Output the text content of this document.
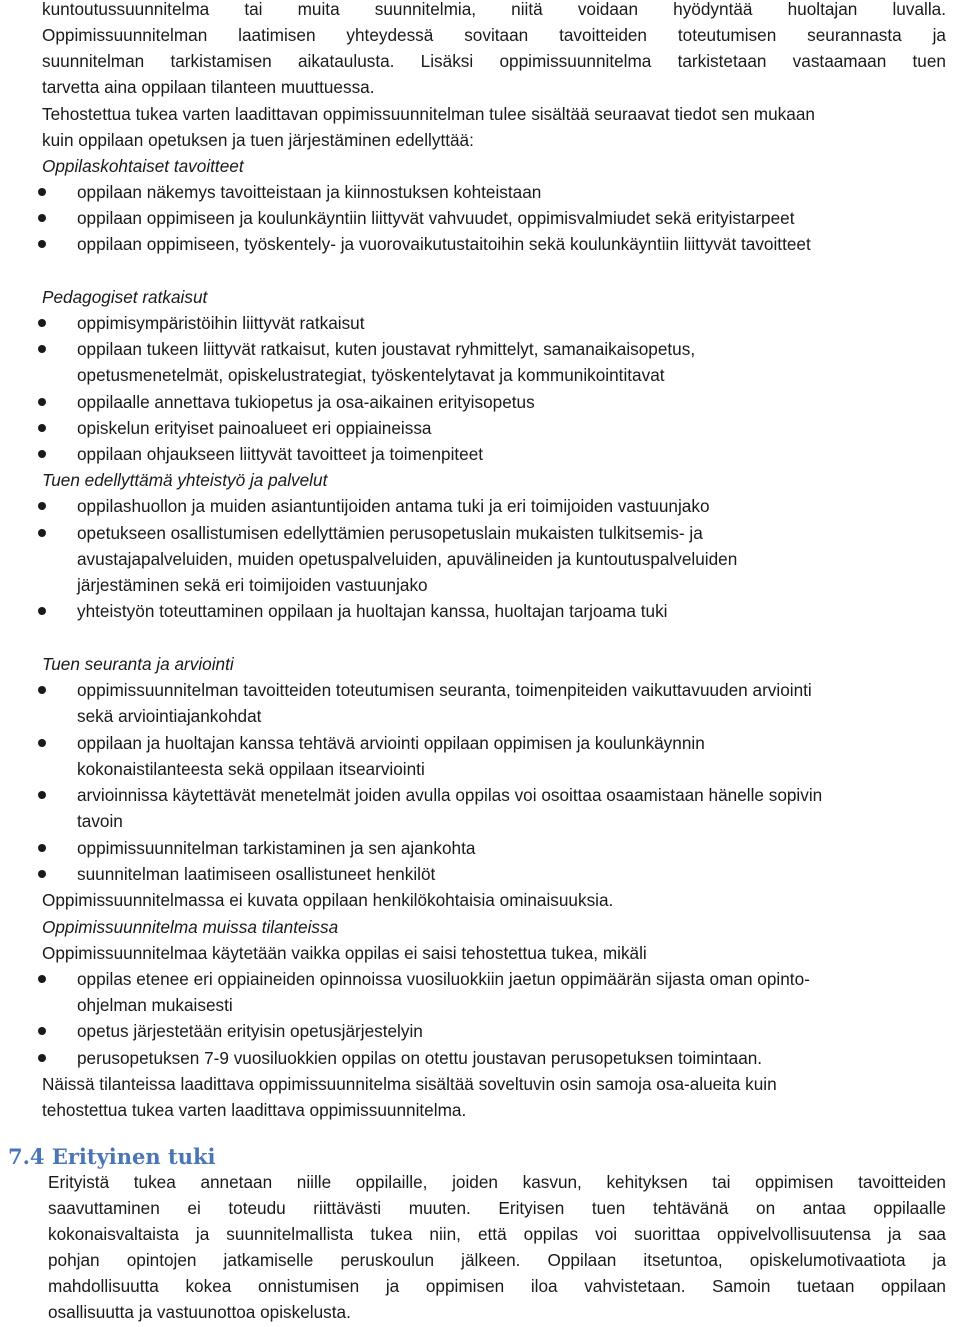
kuntoutussuunnitelma tai muita suunnitelmia, niitä voidaan hyödyntää huoltajan luvalla.
Oppimissuunnitelman laatimisen yhteydessä sovitaan tavoitteiden toteutumisen seurannasta ja
suunnitelman tarkistamisen aikataulusta. Lisäksi oppimissuunnitelma tarkistetaan vastaamaan tuen
tarvetta aina oppilaan tilanteen muuttuessa.
Tehostettua tukea varten laadittavan oppimissuunnitelman tulee sisältää seuraavat tiedot sen mukaan
kuin oppilaan opetuksen ja tuen järjestäminen edellyttää:
Oppilaskohtaiset tavoitteet
oppilaan näkemys tavoitteistaan ja kiinnostuksen kohteistaan
oppilaan oppimiseen ja koulunkäyntiin liittyvät vahvuudet, oppimisvalmiudet sekä erityistarpeet
oppilaan oppimiseen, työskentely- ja vuorovaikutustaitoihin sekä koulunkäyntiin liittyvät tavoitteet
Pedagogiset ratkaisut
oppimisympäristöihin liittyvät ratkaisut
oppilaan tukeen liittyvät ratkaisut, kuten joustavat ryhmittelyt, samanaikaisopetus,
opetusmenetelmät, opiskelustrategiat, työskentelytavat ja kommunikointitavat
oppilaalle annettava tukiopetus ja osa-aikainen erityisopetus
opiskelun erityiset painoalueet eri oppiaineissa
oppilaan ohjaukseen liittyvät tavoitteet ja toimenpiteet
Tuen edellyttämä yhteistyö ja palvelut
oppilashuollon ja muiden asiantuntijoiden antama tuki ja eri toimijoiden vastuunjako
opetukseen osallistumisen edellyttämien perusopetuslain mukaisten tulkitsemis- ja
avustajapalveluiden, muiden opetuspalveluiden, apuvälineiden ja kuntoutuspalveluiden
järjestäminen sekä eri toimijoiden vastuunjako
yhteistyön toteuttaminen oppilaan ja huoltajan kanssa, huoltajan tarjoama tuki
Tuen seuranta ja arviointi
oppimissuunnitelman tavoitteiden toteutumisen seuranta, toimenpiteiden vaikuttavuuden arviointi
sekä arviointiajankohdat
oppilaan ja huoltajan kanssa tehtävä arviointi oppilaan oppimisen ja koulunkäynnin
kokonaistilanteesta sekä oppilaan itsearviointi
arvioinnissa käytettävät menetelmät joiden avulla oppilas voi osoittaa osaamistaan hänelle sopivin
tavoin
oppimissuunnitelman tarkistaminen ja sen ajankohta
suunnitelman laatimiseen osallistuneet henkilöt
Oppimissuunnitelmassa ei kuvata oppilaan henkilökohtaisia ominaisuuksia.
Oppimissuunnitelma muissa tilanteissa
Oppimissuunnitelmaa käytetään vaikka oppilas ei saisi tehostettua tukea, mikäli
oppilas etenee eri oppiaineiden opinnoissa vuosiluokkiin jaetun oppimäärän sijasta oman opinto-
ohjelman mukaisesti
opetus järjestetään erityisin opetusjärjestelyin
perusopetuksen 7-9 vuosiluokkien oppilas on otettu joustavan perusopetuksen toimintaan.
Näissä tilanteissa laadittava oppimissuunnitelma sisältää soveltuvin osin samoja osa-alueita kuin
tehostettua tukea varten laadittava oppimissuunnitelma.
7.4 Erityinen tuki
Erityistä tukea annetaan niille oppilaille, joiden kasvun, kehityksen tai oppimisen tavoitteiden
saavuttaminen ei toteudu riittävästi muuten. Erityisen tuen tehtävänä on antaa oppilaalle
kokonaisvaltaista ja suunnitelmallista tukea niin, että oppilas voi suorittaa oppivelvollisuutensa ja saa
pohjan opintojen jatkamiselle peruskoulun jälkeen. Oppilaan itsetuntoa, opiskelumotivaatiota ja
mahdollisuutta kokea onnistumisen ja oppimisen iloa vahvistetaan. Samoin tuetaan oppilaan
osallisuutta ja vastuunottoa opiskelusta.
